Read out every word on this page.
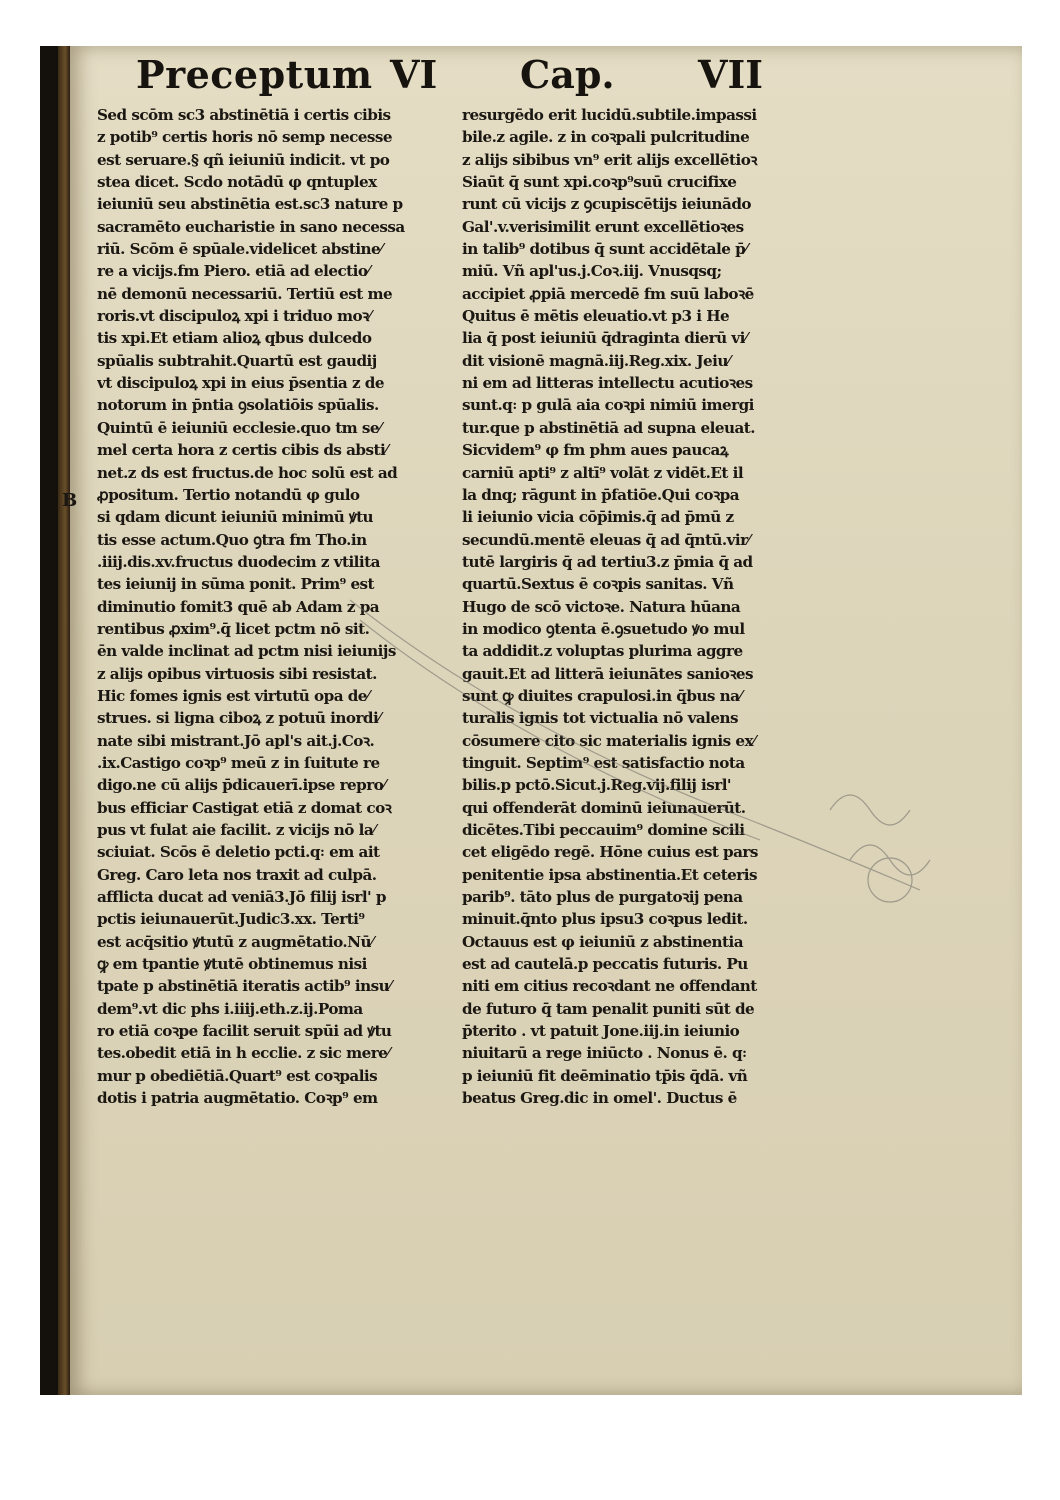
Preceptum VI Cap. VII
B
Sed scōm sc3 abstinētiā i certis cibis
z potib⁹ certis horis nō semp necesse
est seruare.§ qñ ieiuniū indicit. vt po
stea dicet. Scdo notādū φ qntuplex
ieiuniū seu abstinētia est.sc3 nature p
sacramēto eucharistie in sano necessa
riū. Scōm ē spūale.videlicet abstine⁄
re a vicijs.fm Piero. etiā ad electio⁄
nē demonū necessariū. Tertiū est me
roris.vt discipuloꝝ xpi i triduo moꝛ⁄
tis xpi.Et etiam alioꝝ qbus dulcedo
spūalis subtrahit.Quartū est gaudij
vt discipuloꝝ xpi in eius p̄sentia z de
notorum in p̄ntia ꝯsolatiōis spūalis.
Quintū ē ieiuniū ecclesie.quo tm se⁄
mel certa hora z certis cibis ds absti⁄
net.z ds est fructus.de hoc solū est ad
ꝓpositum. Tertio notandū φ gulo
si qdam dicunt ieiuniū minimū ꝟtu
tis esse actum.Quo ꝯtra fm Tho.in
.iiij.dis.xv.fructus duodecim z vtilita
tes ieiunij in sūma ponit. Prim⁹ est
diminutio fomit3 quē ab Adam z pa
rentibus ꝓxim⁹.q̄ licet pctm nō sit.
ēn valde inclinat ad pctm nisi ieiunijs
z alijs opibus virtuosis sibi resistat.
Hic fomes ignis est virtutū opa de⁄
strues. si ligna ciboꝝ z potuū inordi⁄
nate sibi mistrant.Jō apl's ait.j.Coꝛ.
.ix.Castigo coꝛp⁹ meū z in ſuitute re
digo.ne cū alijs p̄dicauerī.ipse repro⁄
bus efficiar Castigat etiā z domat coꝛ
pus vt fulat aie facilit. z vicijs nō la⁄
sciuiat. Scōs ē deletio pcti.q꞉ em ait
Greg. Caro leta nos traxit ad culpā.
afflicta ducat ad veniā3.Jō filij isrl' p
pctis ieiunauerūt.Judic3.xx. Terti⁹
est acq̄sitio ꝟtutū z augmētatio.Nū⁄
ꝙ em tpantie ꝟtutē obtinemus nisi
tpate p abstinētiā iteratis actib⁹ insu⁄
dem⁹.vt dic phs i.iiij.eth.z.ij.Poma
ro etiā coꝛpe facilit seruit spūi ad ꝟtu
tes.obedit etiā in h ecclie. z sic mere⁄
mur p obediētiā.Quart⁹ est coꝛpalis
dotis i patria augmētatio. Coꝛp⁹ em
resurgēdo erit lucidū.subtile.impassi
bile.z agile. z in coꝛpali pulcritudine
z alijs sibibus vn⁹ erit alijs excellētioꝛ
Siaūt q̄ sunt xpi.coꝛp⁹suū crucifixe
runt cū vicijs z ꝯcupiscētijs ieiunādo
Gal'.v.verisimilit erunt excellētioꝛes
in talib⁹ dotibus q̄ sunt accidētale p̄⁄
miū. Vñ apl'us.j.Coꝛ.iij. Vnusqsq;
accipiet ꝓpiā mercedē fm suū laboꝛē
Quitus ē mētis eleuatio.vt p3 i He
lia q̄ post ieiuniū q̄draginta dierū vi⁄
dit visionē magnā.iij.Reg.xix. Jeiu⁄
ni em ad litteras intellectu acutioꝛes
sunt.q꞉ p gulā aia coꝛpi nimiū imergi
tur.que p abstinētiā ad supna eleuat.
Sicvidem⁹ φ fm phm aues paucaꝝ
carniū apti⁹ z altī⁹ volāt z vidēt.Et il
la dnq; rāgunt in p̄fatiōe.Qui coꝛpa
li ieiunio vicia cōp̄imis.q̄ ad p̄mū z
secundū.mentē eleuas q̄ ad q̄ntū.vir⁄
tutē largiris q̄ ad tertiu3.z p̄mia q̄ ad
quartū.Sextus ē coꝛpis sanitas. Vñ
Hugo de scō victoꝛe. Natura hūana
in modico ꝯtenta ē.ꝯsuetudo ꝟo mul
ta addidit.z voluptas plurima aggre
gauit.Et ad litterā ieiunātes sanioꝛes
sunt ꝙ diuites crapulosi.in q̄bus na⁄
turalis ignis tot victualia nō valens
cōsumere cito sic materialis ignis ex⁄
tinguit. Septim⁹ est satisfactio nota
bilis.p pctō.Sicut.j.Reg.vij.filij isrl'
qui offenderāt dominū ieiunauerūt.
dicētes.Tibi peccauim⁹ domine scili
cet eligēdo regē. Hōne cuius est pars
penitentie ipsa abstinentia.Et ceteris
parib⁹. tāto plus de purgatoꝛij pena
minuit.q̄nto plus ipsu3 coꝛpus ledit.
Octauus est φ ieiuniū z abstinentia
est ad cautelā.p peccatis futuris. Pu
niti em citius recoꝛdant ne offendant
de futuro q̄ tam penalit puniti sūt de
p̄terito . vt patuit Jone.iij.in ieiunio
niuitarū a rege iniūcto . Nonus ē. q꞉
p ieiuniū fit deēminatio tp̄is q̄dā. vñ
beatus Greg.dic in omel'. Ductus ē
